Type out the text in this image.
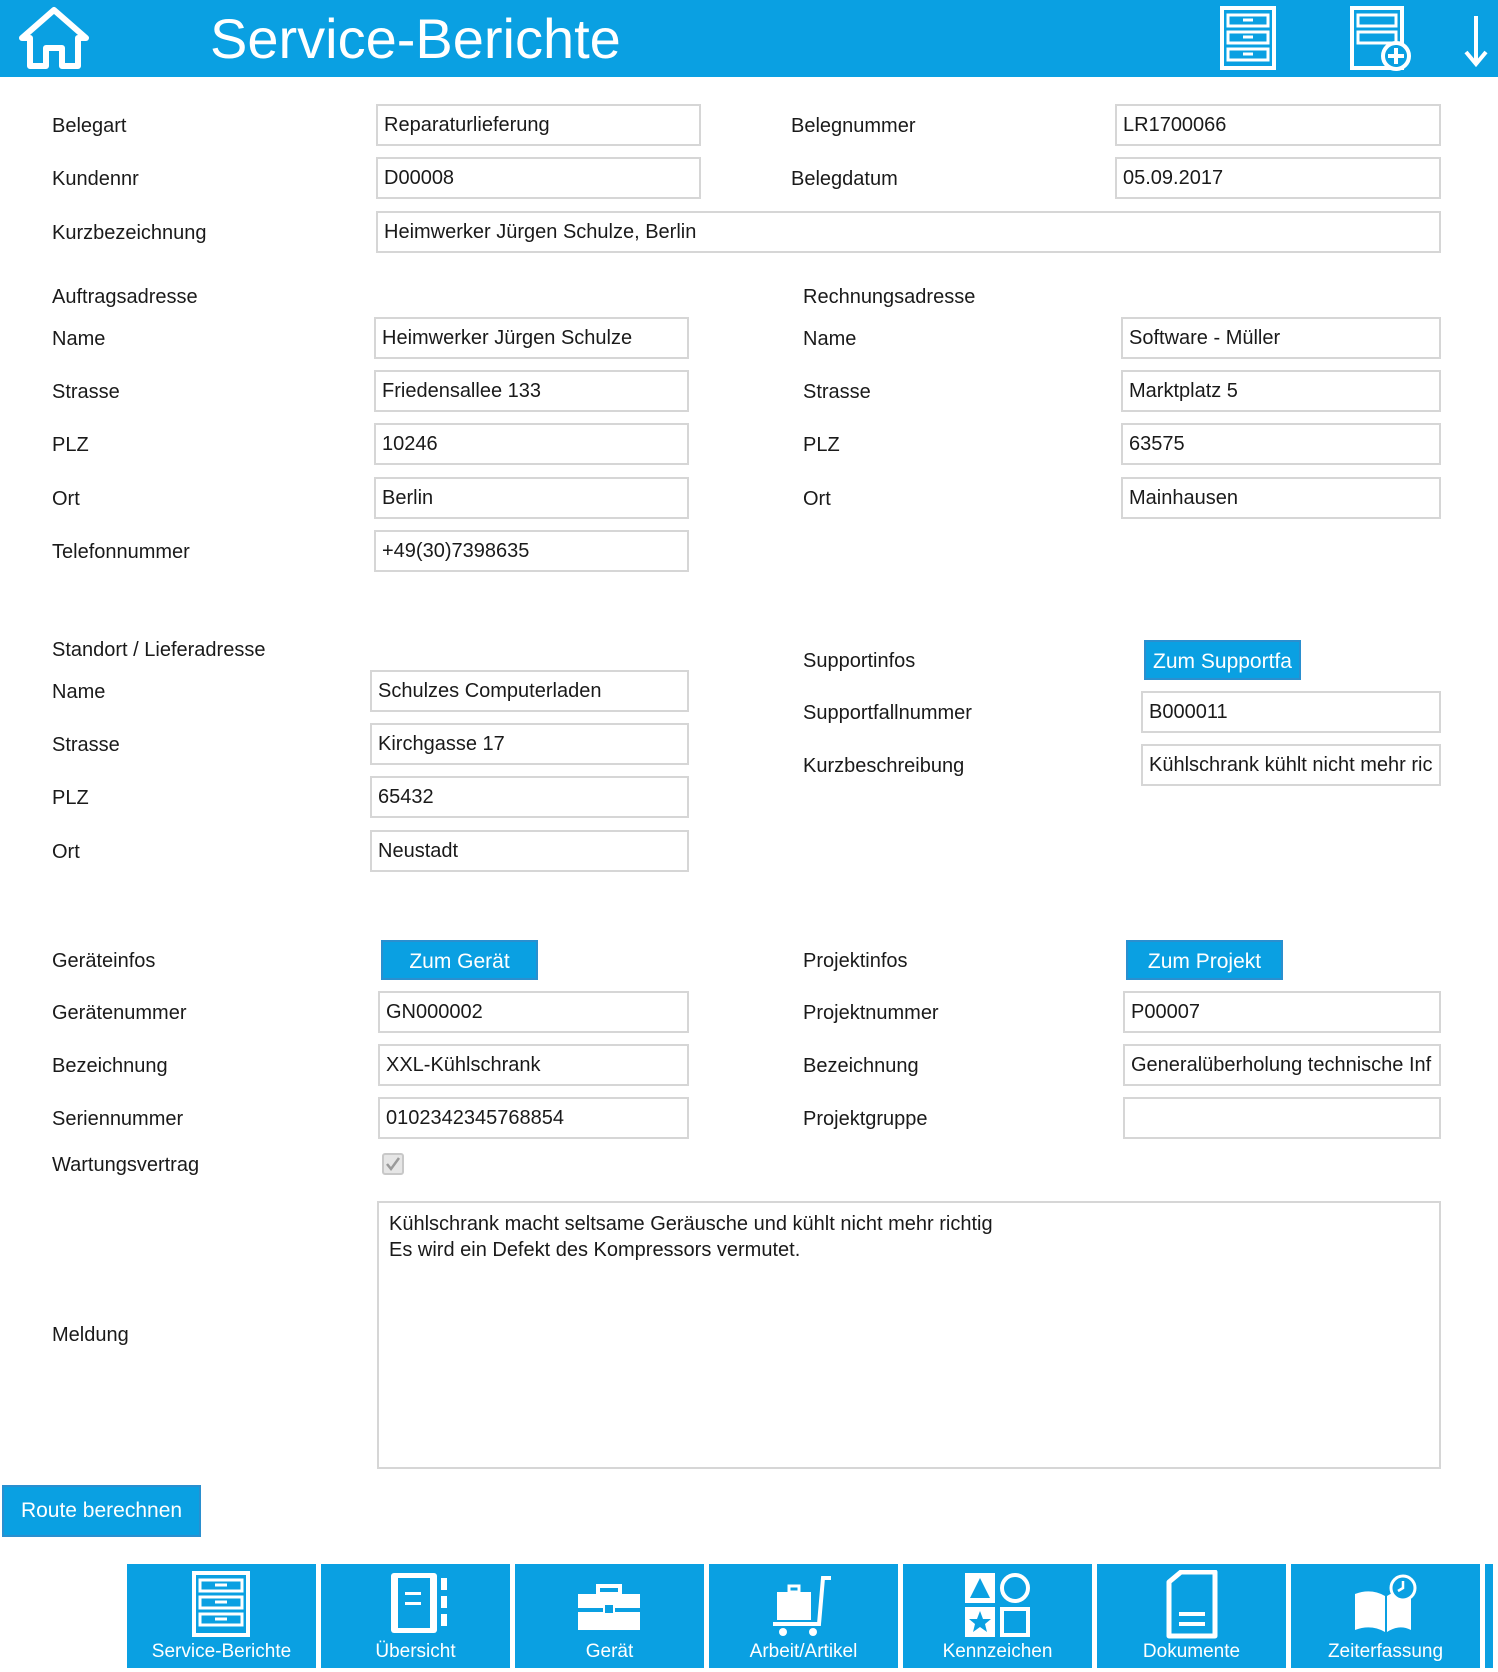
Service-Berichte
Belegart	Reparaturlieferung	Belegnummer	LR1700066
Kundennr	D00008	Belegdatum	05.09.2017
Kurzbezeichnung	Heimwerker Jürgen Schulze, Berlin
Auftragsadresse
Name	Heimwerker Jürgen Schulze
Strasse	Friedensallee 133
PLZ	10246
Ort	Berlin
Telefonnummer	+49(30)7398635
Rechnungsadresse
Name	Software - Müller
Strasse	Marktplatz 5
PLZ	63575
Ort	Mainhausen
Standort / Lieferadresse
Name	Schulzes Computerladen
Strasse	Kirchgasse 17
PLZ	65432
Ort	Neustadt
Supportinfos	Zum Supportfa
Supportfallnummer	B000011
Kurzbeschreibung	Kühlschrank kühlt nicht mehr ric
Geräteinfos	Zum Gerät
Gerätenummer	GN000002
Bezeichnung	XXL-Kühlschrank
Seriennummer	0102342345768854
Wartungsvertrag
Projektinfos	Zum Projekt
Projektnummer	P00007
Bezeichnung	Generalüberholung technische Inf
Projektgruppe
Meldung
Kühlschrank macht seltsame Geräusche und kühlt nicht mehr richtig
Es wird ein Defekt des Kompressors vermutet.
Route berechnen
Service-Berichte	Übersicht	Gerät	Arbeit/Artikel	Kennzeichen	Dokumente	Zeiterfassung
